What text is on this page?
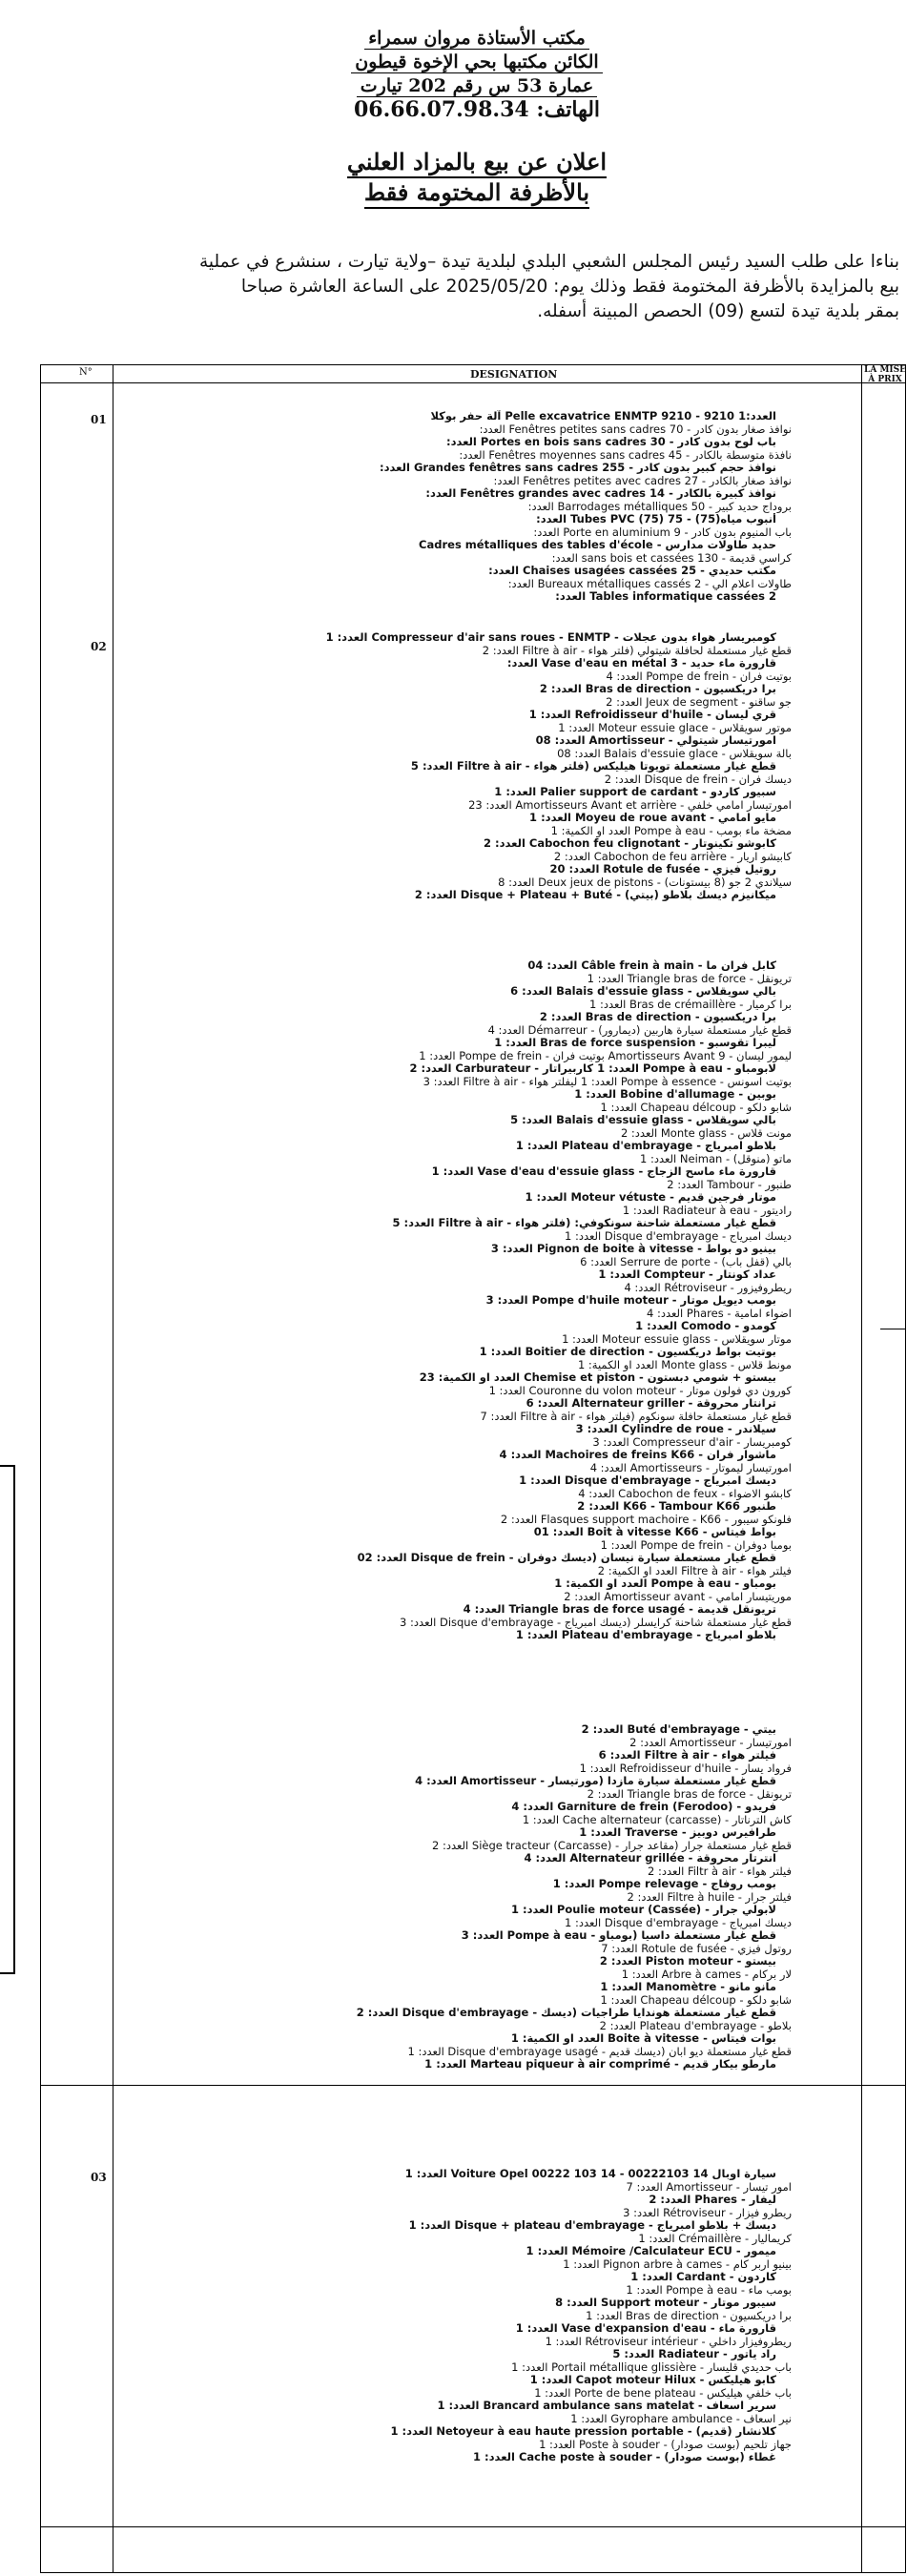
مكتب الأستاذة مروان سمراء
الكائن مكتبها بحي الإخوة قيطون
عمارة 53 س رقم 202 تيارت
الهاتف: 06.66.07.98.34
اعلان عن بيع بالمزاد العلني
بالأظرفة المختومة فقط
بناءا على طلب السيد رئيس المجلس الشعبي البلدي لبلدية تيدة –ولاية تيارت ، سنشرع في عملية
بيع بالمزايدة بالأظرفة المختومة فقط وذلك يوم: 2025/05/20 على الساعة العاشرة صباحا
بمقر بلدية تيدة لتسع (09) الحصص المبينة أسفله.
N°	DESIGNATION	LA MISE À PRIX
01
02
03
العدد:1 Pelle excavatrice ENMTP 9210 - 9210 آلة حفر بوكلا
نوافذ صغار بدون كادر - 70 Fenêtres petites sans cadres العدد:
باب لوح بدون كادر - 30 Portes en bois sans cadres العدد:
نافذة متوسطة بالكادر - 45 Fenêtres moyennes sans cadres العدد:
نوافذ حجم كبير بدون كادر - 255 Grandes fenêtres sans cadres العدد:
نوافذ صغار بالكادر - 27 Fenêtres petites avec cadres العدد:
نوافذ كبيرة بالكادر - 14 Fenêtres grandes avec cadres العدد:
بروداج حديد كبير - 50 Barrodages métalliques العدد:
أنبوب مياه(75) - 75 Tubes PVC (75) العدد:
باب المنيوم بدون كادر - 9 Porte en aluminium العدد:
حديد طاولات مدارس - Cadres métalliques des tables d'école
كراسي قديمة - 130 sans bois et cassées العدد:
مكتب حديدي - 25 Chaises usagées cassées العدد:
طاولات اعلام الي - 2 Bureaux métalliques cassés العدد:
2 Tables informatique cassées العدد:
كومبريسار هواء بدون عجلات - Compresseur d'air sans roues - ENMTP العدد: 1
قطع غيار مستعملة لحافلة شيتولي (فلتر هواء - Filtre à air العدد: 2
قارورة ماء حديد - 3 Vase d'eau en métal العدد:
بوتيت فران - Pompe de frein العدد: 4
برا دريكسيون - Bras de direction العدد: 2
جو ساقنو - Jeux de segment العدد: 2
قري ليسان - Refroidisseur d'huile العدد: 1
موتور سويقلاس - Moteur essuie glace العدد: 1
امورتيسار شيتولي - Amortisseur العدد: 08
بالة سويقلاس - Balais d'essuie glace العدد: 08
قطع غيار مستعملة تويوتا هيليكس (فلتر هواء - Filtre à air العدد: 5
ديسك فران - Disque de frein العدد: 2
سبيور كاردو - Palier support de cardant العدد: 1
امورتيسار امامي خلفي - Amortisseurs Avant et arrière العدد: 23
مايو امامي - Moyeu de roue avant العدد: 1
مضخة ماء بومب - Pompe à eau العدد او الكمية: 1
كابوشو تكينوتار - Cabochon feu clignotant العدد: 2
كابيشو اريار - Cabochon de feu arrière العدد: 2
روتيل فيزي - Rotule de fusée العدد: 20
سيلاندي 2 جو (8 بيستونات) - Deux jeux de pistons العدد: 8
ميكانيزم ديسك بلاطو (بيتي) - Disque + Plateau + Buté العدد: 2
كابل فران ما - Câble frein à main العدد: 04
تريونقل - Triangle bras de force العدد: 1
بالي سويقلاس - Balais d'essuie glass العدد: 6
برا كرميار - Bras de crémaillère العدد: 1
برا دريكسيون - Bras de direction العدد: 2
قطع غيار مستعملة سيارة هاربين (ديمارور) - Démarreur العدد: 4
ليبرا تقوسبو - Bras de force suspension العدد: 1
ليمور ليسان - Amortisseurs Avant 9 بوتيت فران - Pompe de frein العدد: 1
لابومباو - Pompe à eau العدد: 1 كاربيراتار - Carburateur العدد: 2
بوتيت اسونس - Pompe à essence العدد: 1 ليفلتر هواء - Filtre à air العدد: 3
بوبين - Bobine d'allumage العدد: 1
شابو دلكو - Chapeau délcoup العدد: 1
بالي سويقلاس - Balais d'essuie glass العدد: 5
مونت قلاس - Monte glass العدد: 2
بلاطو امبرياج - Plateau d'embrayage العدد: 1
ماتو (منوقل) - Neiman العدد: 1
قارورة ماء ماسح الزجاج - Vase d'eau d'essuie glass العدد: 1
طنبور - Tambour العدد: 2
موتار فرجين قديم - Moteur vétuste العدد: 1
راديتور - Radiateur à eau العدد: 1
قطع غيار مستعملة شاحنة سونكوفي: (فلتر هواء - Filtre à air العدد: 5
ديسك امبرياج - Disque d'embrayage العدد: 1
بينيو دو بواط - Pignon de boite à vitesse العدد: 3
بالي (قفل باب) - Serrure de porte العدد: 6
عداد كونتار - Compteur العدد: 1
ريطروفيزور - Rétroviseur العدد: 4
بومب ديويل موتار - Pompe d'huile moteur العدد: 3
اضواء امامية - Phares العدد: 4
كومدو - Comodo العدد: 1
موتار سويقلاس - Moteur essuie glass العدد: 1
بوتيت بواط دريكسيون - Boitier de direction العدد: 1
مونط قلاس - Monte glass العدد او الكمية: 1
بيستو + شومي دبستون - Chemise et piston العدد او الكمية: 23
كورون دي فولون موتار - Couronne du volon moteur العدد: 1
ترانتار محروقة - Alternateur griller العدد: 6
قطع غيار مستعملة حافلة سونكوم (فيلتر هواء - Filtre à air العدد: 7
سيلاندر - Cylindre de roue العدد: 3
كومبريسار - Compresseur d'air العدد: 3
ماشوار فران - Machoires de freins K66 العدد: 4
امورتيسار ليموتار - Amortisseurs العدد: 4
ديسك امبرياج - Disque d'embrayage العدد: 1
كابشو الاضواء - Cabochon de feux العدد: 4
طنبور K66 - Tambour K66 العدد: 2
فلونكو سيبور - Flasques support machoire - K66 العدد: 2
بواط فيتاس - Boit à vitesse K66 العدد: 01
بومبا دوفران - Pompe de frein العدد: 1
قطع غيار مستعملة سيارة نيسان (ديسك دوفران - Disque de frein العدد: 02
فيلتر هواء - Filtre à air العدد او الكمية: 2
بومباو - Pompe à eau العدد او الكمية: 1
موريتيسار امامي - Amortisseur avant العدد: 2
تريونقل قديمة - Triangle bras de force usagé العدد: 4
قطع غيار مستعملة شاحنة كرايسلر (ديسك امبرياج - Disque d'embrayage العدد: 3
بلاطو امبرياج - Plateau d'embrayage العدد: 1
بيتي - Buté d'embrayage العدد: 2
امورتيسار - Amortisseur العدد: 2
فيلتر هواء - Filtre à air العدد: 6
فرواد يسار - Refroidisseur d'huile العدد: 1
قطع غيار مستعملة سيارة مازدا (مورتيسار - Amortisseur العدد: 4
تريونقل - Triangle bras de force العدد: 2
فريدو - (Ferodoo) Garniture de frein العدد: 4
كاش الترناتار - Cache alternateur (carcasse) العدد: 1
طرافيرس دوبيز - Traverse العدد: 1
قطع غيار مستعملة جرار (مقاعد جرار - Siège tracteur (Carcasse) العدد: 2
انترتار محروقة - Alternateur grillée العدد: 4
فيلتر هواء - Filtr à air العدد: 2
بومب روفاج - Pompe relevage العدد: 1
فيلتر جرار - Filtre à huile العدد: 2
لابولي جرار - Poulie moteur (Cassée) العدد: 1
ديسك امبرياج - Disque d'embrayage العدد: 1
قطع غيار مستعملة داسيا (بومباو - Pompe à eau العدد: 3
روتول فيزي - Rotule de fusée العدد: 7
بيستو - Piston moteur العدد: 2
لار بركام - Arbre à cames العدد: 1
مانو مانو - Manomètre العدد: 1
شابو دلكو - Chapeau délcoup العدد: 1
قطع غيار مستعملة هوندايا طراجيات (ديسك - Disque d'embrayage العدد: 2
بلاطو - Plateau d'embrayage العدد: 2
بوات فيتاس - Boite à vitesse العدد او الكمية: 1
قطع غيار مستعملة ديو ابان (ديسك قديم - Disque d'embrayage usagé العدد: 1
مارطو بيكار قديم - Marteau piqueur à air comprimé العدد: 1
سيارة اوبال 14 00222103 - Voiture Opel 00222 103 14 العدد: 1
امور تيسار - Amortisseur العدد: 7
ليفار - Phares العدد: 2
ريطرو فيزار - Rétroviseur العدد: 3
ديسك + بلاطو امبرياج - Disque + plateau d'embrayage العدد: 1
كريماليار - Crémaillère العدد: 1
ميمور - Mémoire /Calculateur ECU العدد: 1
بينيو اربر كام - Pignon arbre à cames العدد: 1
كاردون - Cardant العدد: 1
بومب ماء - Pompe à eau العدد: 1
سيبور موتار - Support moteur العدد: 8
برا دريكسيون - Bras de direction العدد: 1
قارورة ماء - Vase d'expansion d'eau العدد: 1
ريطروفيزار داخلي - Rétroviseur intérieur العدد: 1
راد ياتور - Radiateur العدد: 5
باب حديدي قليسار - Portail métallique glissière العدد: 1
كابو هيليكس - Capot moteur Hilux العدد: 1
باب خلفي هيليكس - Porte de bene plateau العدد: 1
سرير اسعاف - Brancard ambulance sans matelat العدد: 1
نير اسعاف - Gyrophare ambulance العدد: 1
كلانشار (قديم) - Netoyeur à eau haute pression portable العدد: 1
جهاز تلحيم (بوست صودار) - Poste à souder العدد: 1
غطاء (بوست صودار) - Cache poste à souder العدد: 1
